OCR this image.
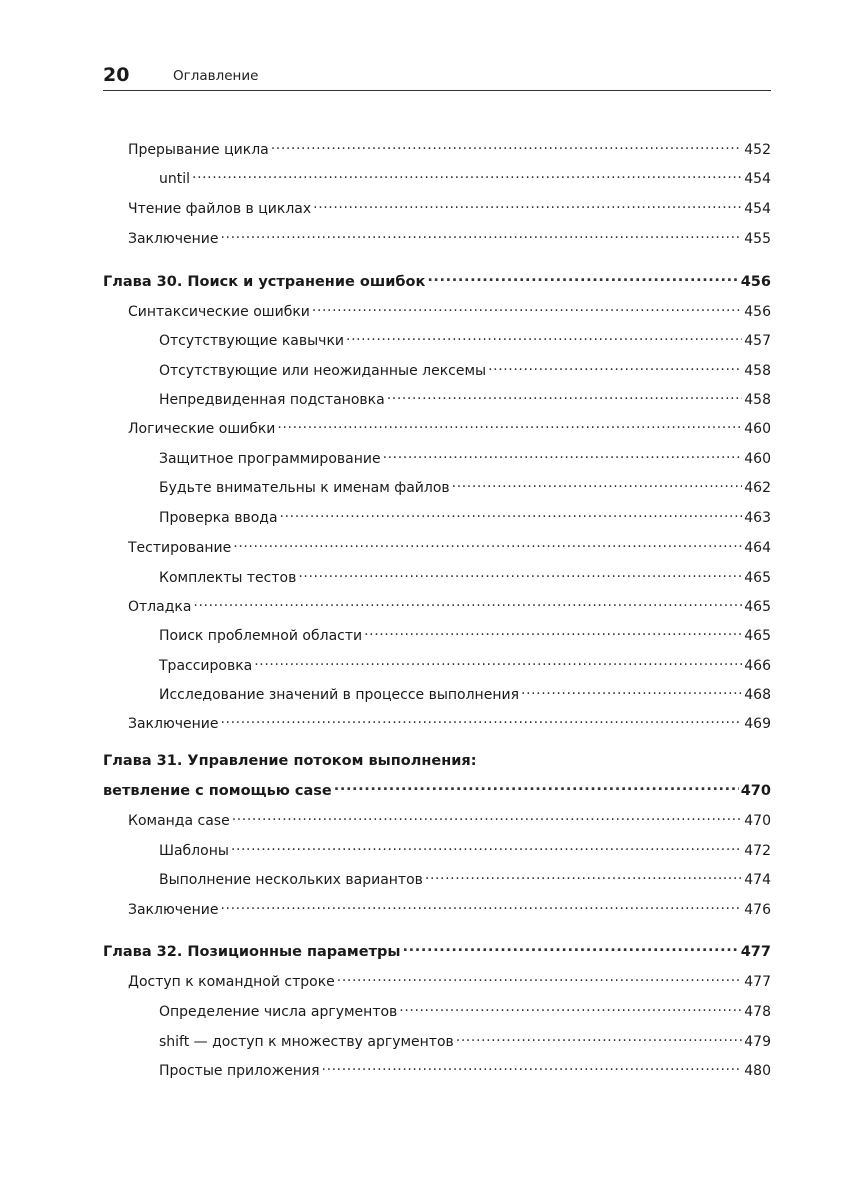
20	Оглавление
Прерывание цикла .....	452
until .....	454
Чтение файлов в циклах .....	454
Заключение .....	455
Глава 30. Поиск и устранение ошибок .....	456
Синтаксические ошибки .....	456
Отсутствующие кавычки .....	457
Отсутствующие или неожиданные лексемы .....	458
Непредвиденная подстановка .....	458
Логические ошибки .....	460
Защитное программирование .....	460
Будьте внимательны к именам файлов .....	462
Проверка ввода .....	463
Тестирование .....	464
Комплекты тестов .....	465
Отладка .....	465
Поиск проблемной области .....	465
Трассировка .....	466
Исследование значений в процессе выполнения .....	468
Заключение .....	469
Глава 31. Управление потоком выполнения:
ветвление с помощью case .....	470
Команда case .....	470
Шаблоны .....	472
Выполнение нескольких вариантов .....	474
Заключение .....	476
Глава 32. Позиционные параметры .....	477
Доступ к командной строке .....	477
Определение числа аргументов .....	478
shift — доступ к множеству аргументов .....	479
Простые приложения .....	480
